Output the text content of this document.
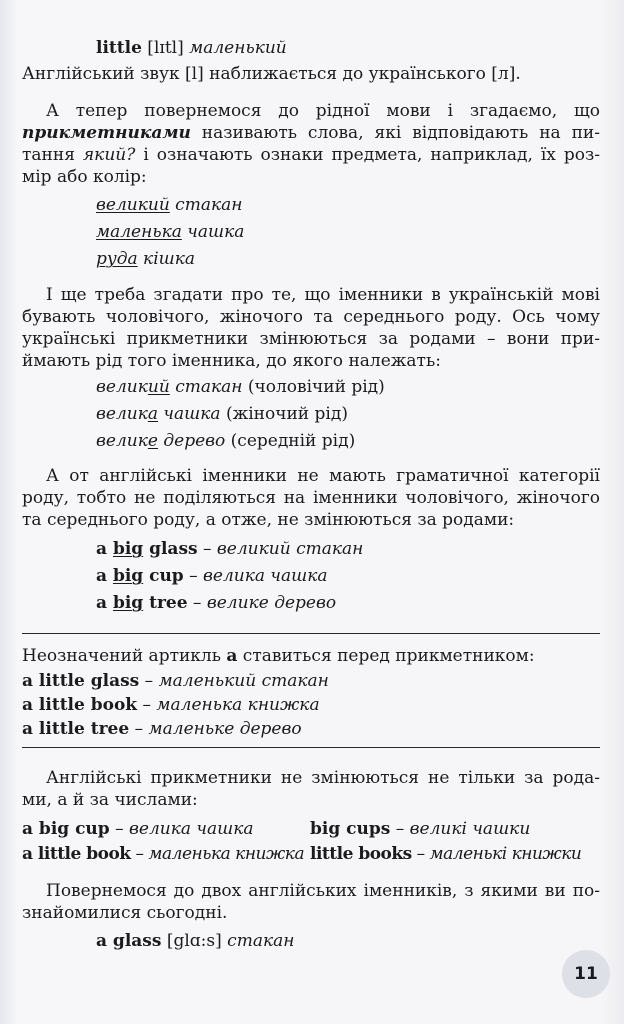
little [lɪtl] маленький
Англійський звук [l] наближається до українського [л].
А тепер повернемося до рідної мови і згадаємо, що
прикметниками називають слова, які відповідають на пи-
тання який? і означають ознаки предмета, наприклад, їх роз-
мір або колір:
великий стакан
маленька чашка
руда кішка
І ще треба згадати про те, що іменники в українській мові
бувають чоловічого, жіночого та середнього роду. Ось чому
українські прикметники змінюються за родами – вони при-
ймають рід того іменника, до якого належать:
великий стакан (чоловічий рід)
велика чашка (жіночий рід)
велике дерево (середній рід)
А от англійські іменники не мають граматичної категорії
роду, тобто не поділяються на іменники чоловічого, жіночого
та середнього роду, а отже, не змінюються за родами:
a big glass – великий стакан
a big cup – велика чашка
a big tree – велике дерево
Неозначений артикль a ставиться перед прикметником:
a little glass – маленький стакан
a little book – маленька книжка
a little tree – маленьке дерево
Англійські прикметники не змінюються не тільки за рода-
ми, а й за числами:
a big cup – велика чашка	big cups – великі чашки
a little book – маленька книжка little books – маленькі книжки
Повернемося до двох англійських іменників, з якими ви по-
знайомилися сьогодні.
a glass [glɑ:s] стакан
11
